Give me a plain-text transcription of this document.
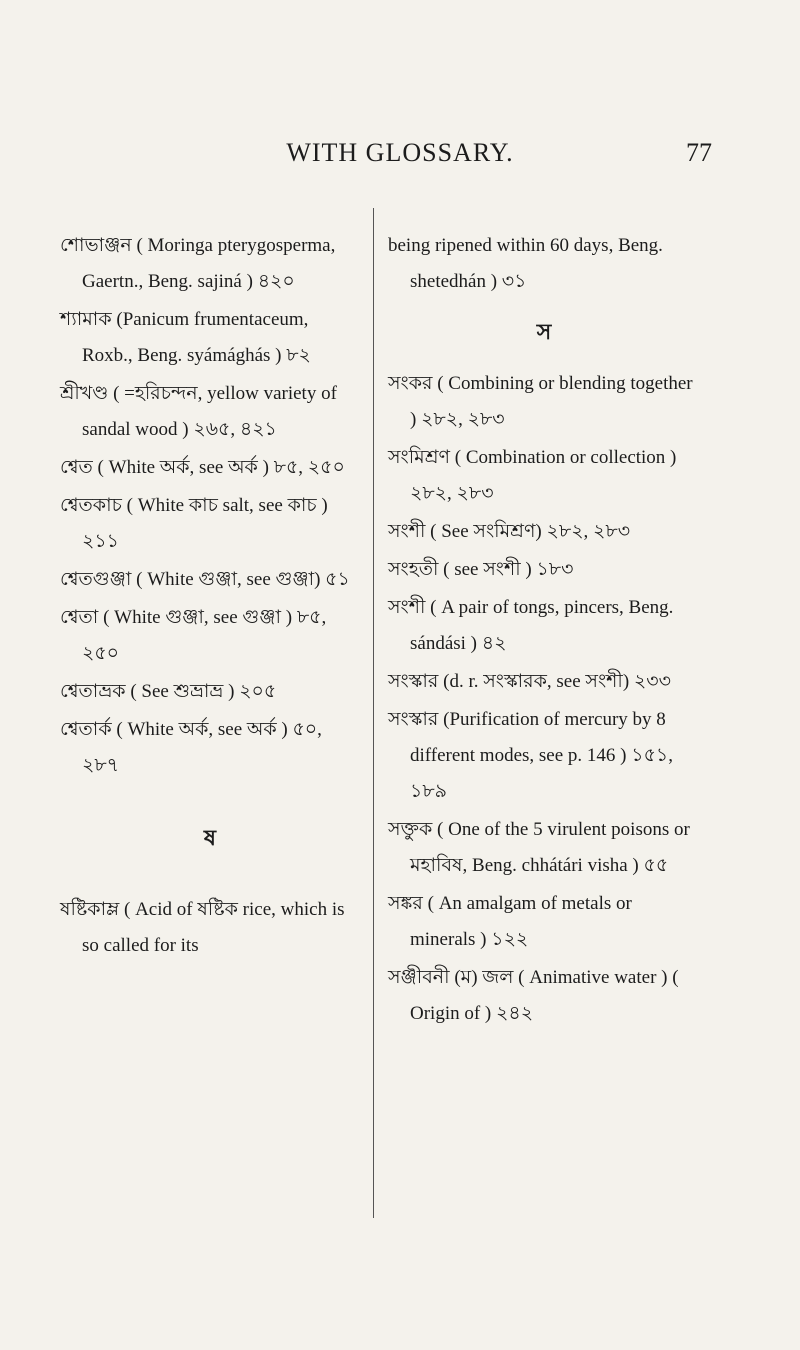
WITH GLOSSARY.	77

শোভাঞ্জন ( Moringa pterygosperma, Gaertn., Beng. sajiná ) ৪২০

শ্যামাক (Panicum frumentaceum, Roxb., Beng. syámághás ) ৮২

শ্রীখণ্ড ( =হরিচন্দন, yellow variety of sandal wood ) ২৬৫, ৪২১

শ্বেত ( White অর্ক, see অর্ক ) ৮৫, ২৫০

শ্বেতকাচ ( White কাচ salt, see কাচ ) ২১১

শ্বেতগুঞ্জা ( White গুঞ্জা, see গুঞ্জা) ৫১

শ্বেতা ( White গুঞ্জা, see গুঞ্জা ) ৮৫, ২৫০

শ্বেতাভ্রক ( See শুভ্রাভ্র ) ২০৫

শ্বেতার্ক ( White অর্ক, see অর্ক ) ৫০, ২৮৭

ষ

ষষ্টিকাম্ল ( Acid of ষষ্টিক rice, which is so called for its

being ripened within 60 days, Beng. shetedhán ) ৩১

স

সংকর ( Combining or blending together ) ২৮২, ২৮৩

সংমিশ্রণ ( Combination or collection ) ২৮২, ২৮৩

সংশী ( See সংমিশ্রণ) ২৮২, ২৮৩

সংহতী ( see সংশী ) ১৮৩

সংশী ( A pair of tongs, pincers, Beng. sándási ) ৪২

সংস্কার (d. r. সংস্কারক, see সংশী) ২৩৩

সংস্কার (Purification of mercury by 8 different modes, see p. 146 ) ১৫১, ১৮৯

সক্তুক ( One of the 5 virulent poisons or মহাবিষ, Beng. chhátári visha ) ৫৫

সঙ্কর ( An amalgam of metals or minerals ) ১২২

সঞ্জীবনী (ম) জল ( Animative water ) ( Origin of ) ২৪২
